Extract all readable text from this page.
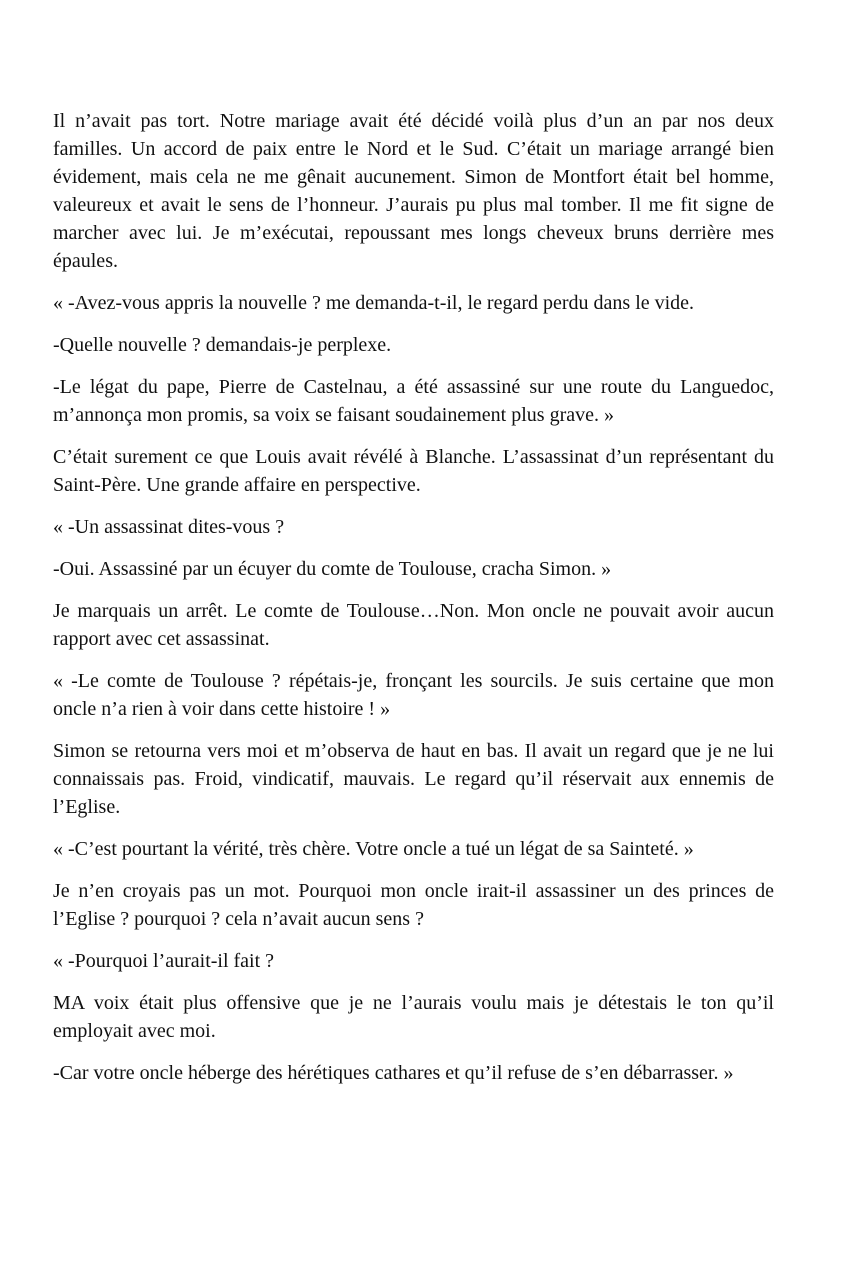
Il n’avait pas tort. Notre mariage avait été décidé voilà plus d’un an par nos deux familles. Un accord de paix entre le Nord et le Sud. C’était un mariage arrangé bien évidement, mais cela ne me gênait aucunement. Simon de Montfort était bel homme, valeureux et avait le sens de l’honneur. J’aurais pu plus mal tomber. Il me fit signe de marcher avec lui. Je m’exécutai, repoussant mes longs cheveux bruns derrière mes épaules.

« -Avez-vous appris la nouvelle ? me demanda-t-il, le regard perdu dans le vide.

-Quelle nouvelle ? demandais-je perplexe.

-Le légat du pape, Pierre de Castelnau, a été assassiné sur une route du Languedoc, m’annonça mon promis, sa voix se faisant soudainement plus grave. »

C’était surement ce que Louis avait révélé à Blanche. L’assassinat d’un représentant du Saint-Père. Une grande affaire en perspective.

« -Un assassinat dites-vous ?

-Oui. Assassiné par un écuyer du comte de Toulouse, cracha Simon. »

Je marquais un arrêt. Le comte de Toulouse…Non. Mon oncle ne pouvait avoir aucun rapport avec cet assassinat.

« -Le comte de Toulouse ? répétais-je, fronçant les sourcils. Je suis certaine que mon oncle n’a rien à voir dans cette histoire ! »

Simon se retourna vers moi et m’observa de haut en bas. Il avait un regard que je ne lui connaissais pas. Froid, vindicatif, mauvais. Le regard qu’il réservait aux ennemis de l’Eglise.

« -C’est pourtant la vérité, très chère. Votre oncle a tué un légat de sa Sainteté. »

Je n’en croyais pas un mot. Pourquoi mon oncle irait-il assassiner un des princes de l’Eglise ? pourquoi ? cela n’avait aucun sens ?

« -Pourquoi l’aurait-il fait ?

MA voix était plus offensive que je ne l’aurais voulu mais je détestais le ton qu’il employait avec moi.

-Car votre oncle héberge des hérétiques cathares et qu’il refuse de s’en débarrasser. »
